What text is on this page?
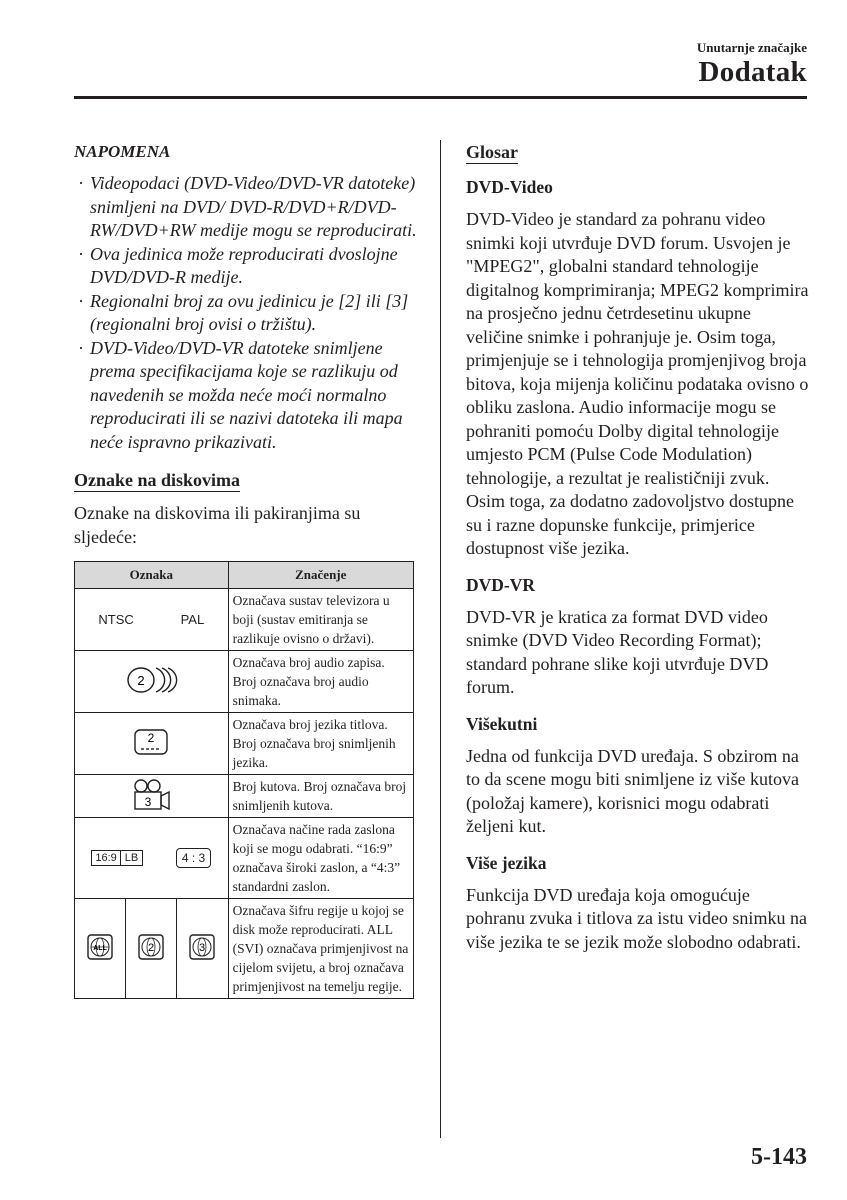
Unutarnje značajke
Dodatak
NAPOMENA
· Videopodaci (DVD-Video/DVD-VR datoteke) snimljeni na DVD/ DVD-R/DVD+R/DVD-RW/DVD+RW medije mogu se reproducirati.
· Ova jedinica može reproducirati dvoslojne DVD/DVD-R medije.
· Regionalni broj za ovu jedinicu je [2] ili [3] (regionalni broj ovisi o tržištu).
· DVD-Video/DVD-VR datoteke snimljene prema specifikacijama koje se razlikuju od navedenih se možda neće moći normalno reproducirati ili se nazivi datoteka ili mapa neće ispravno prikazivati.
Oznake na diskovima

Oznake na diskovima ili pakiranjima su sljedeće:

Oznaka			Značenje

NTSC PAL			Označava sustav televizora u boji (sustav emitiranja se razlikuje ovisno o državi).

2			Označava broj audio zapisa. Broj označava broj audio snimaka.

2			Označava broj jezika titlova. Broj označava broj snimljenih jezika.

3			Broj kutova. Broj označava broj snimljenih kutova.

16:9 LB 4 : 3			Označava načine rada zaslona koji se mogu odabrati. “16:9” označava široki zaslon, a “4:3” standardni zaslon.

ALL	2	3	Označava šifru regije u kojoj se disk može reproducirati. ALL (SVI) označava primjenjivost na cijelom svijetu, a broj označava primjenjivost na temelju regije.
Glosar
DVD-Video

DVD-Video je standard za pohranu video snimki koji utvrđuje DVD forum. Usvojen je "MPEG2", globalni standard tehnologije digitalnog komprimiranja; MPEG2 komprimira na prosječno jednu četrdesetinu ukupne veličine snimke i pohranjuje je. Osim toga, primjenjuje se i tehnologija promjenjivog broja bitova, koja mijenja količinu podataka ovisno o obliku zaslona. Audio informacije mogu se pohraniti pomoću Dolby digital tehnologije umjesto PCM (Pulse Code Modulation) tehnologije, a rezultat je realističniji zvuk. Osim toga, za dodatno zadovoljstvo dostupne su i razne dopunske funkcije, primjerice dostupnost više jezika.

DVD-VR

DVD-VR je kratica za format DVD video snimke (DVD Video Recording Format); standard pohrane slike koji utvrđuje DVD forum.

Višekutni

Jedna od funkcija DVD uređaja. S obzirom na to da scene mogu biti snimljene iz više kutova (položaj kamere), korisnici mogu odabrati željeni kut.

Više jezika

Funkcija DVD uređaja koja omogućuje pohranu zvuka i titlova za istu video snimku na više jezika te se jezik može slobodno odabrati.

5-143
